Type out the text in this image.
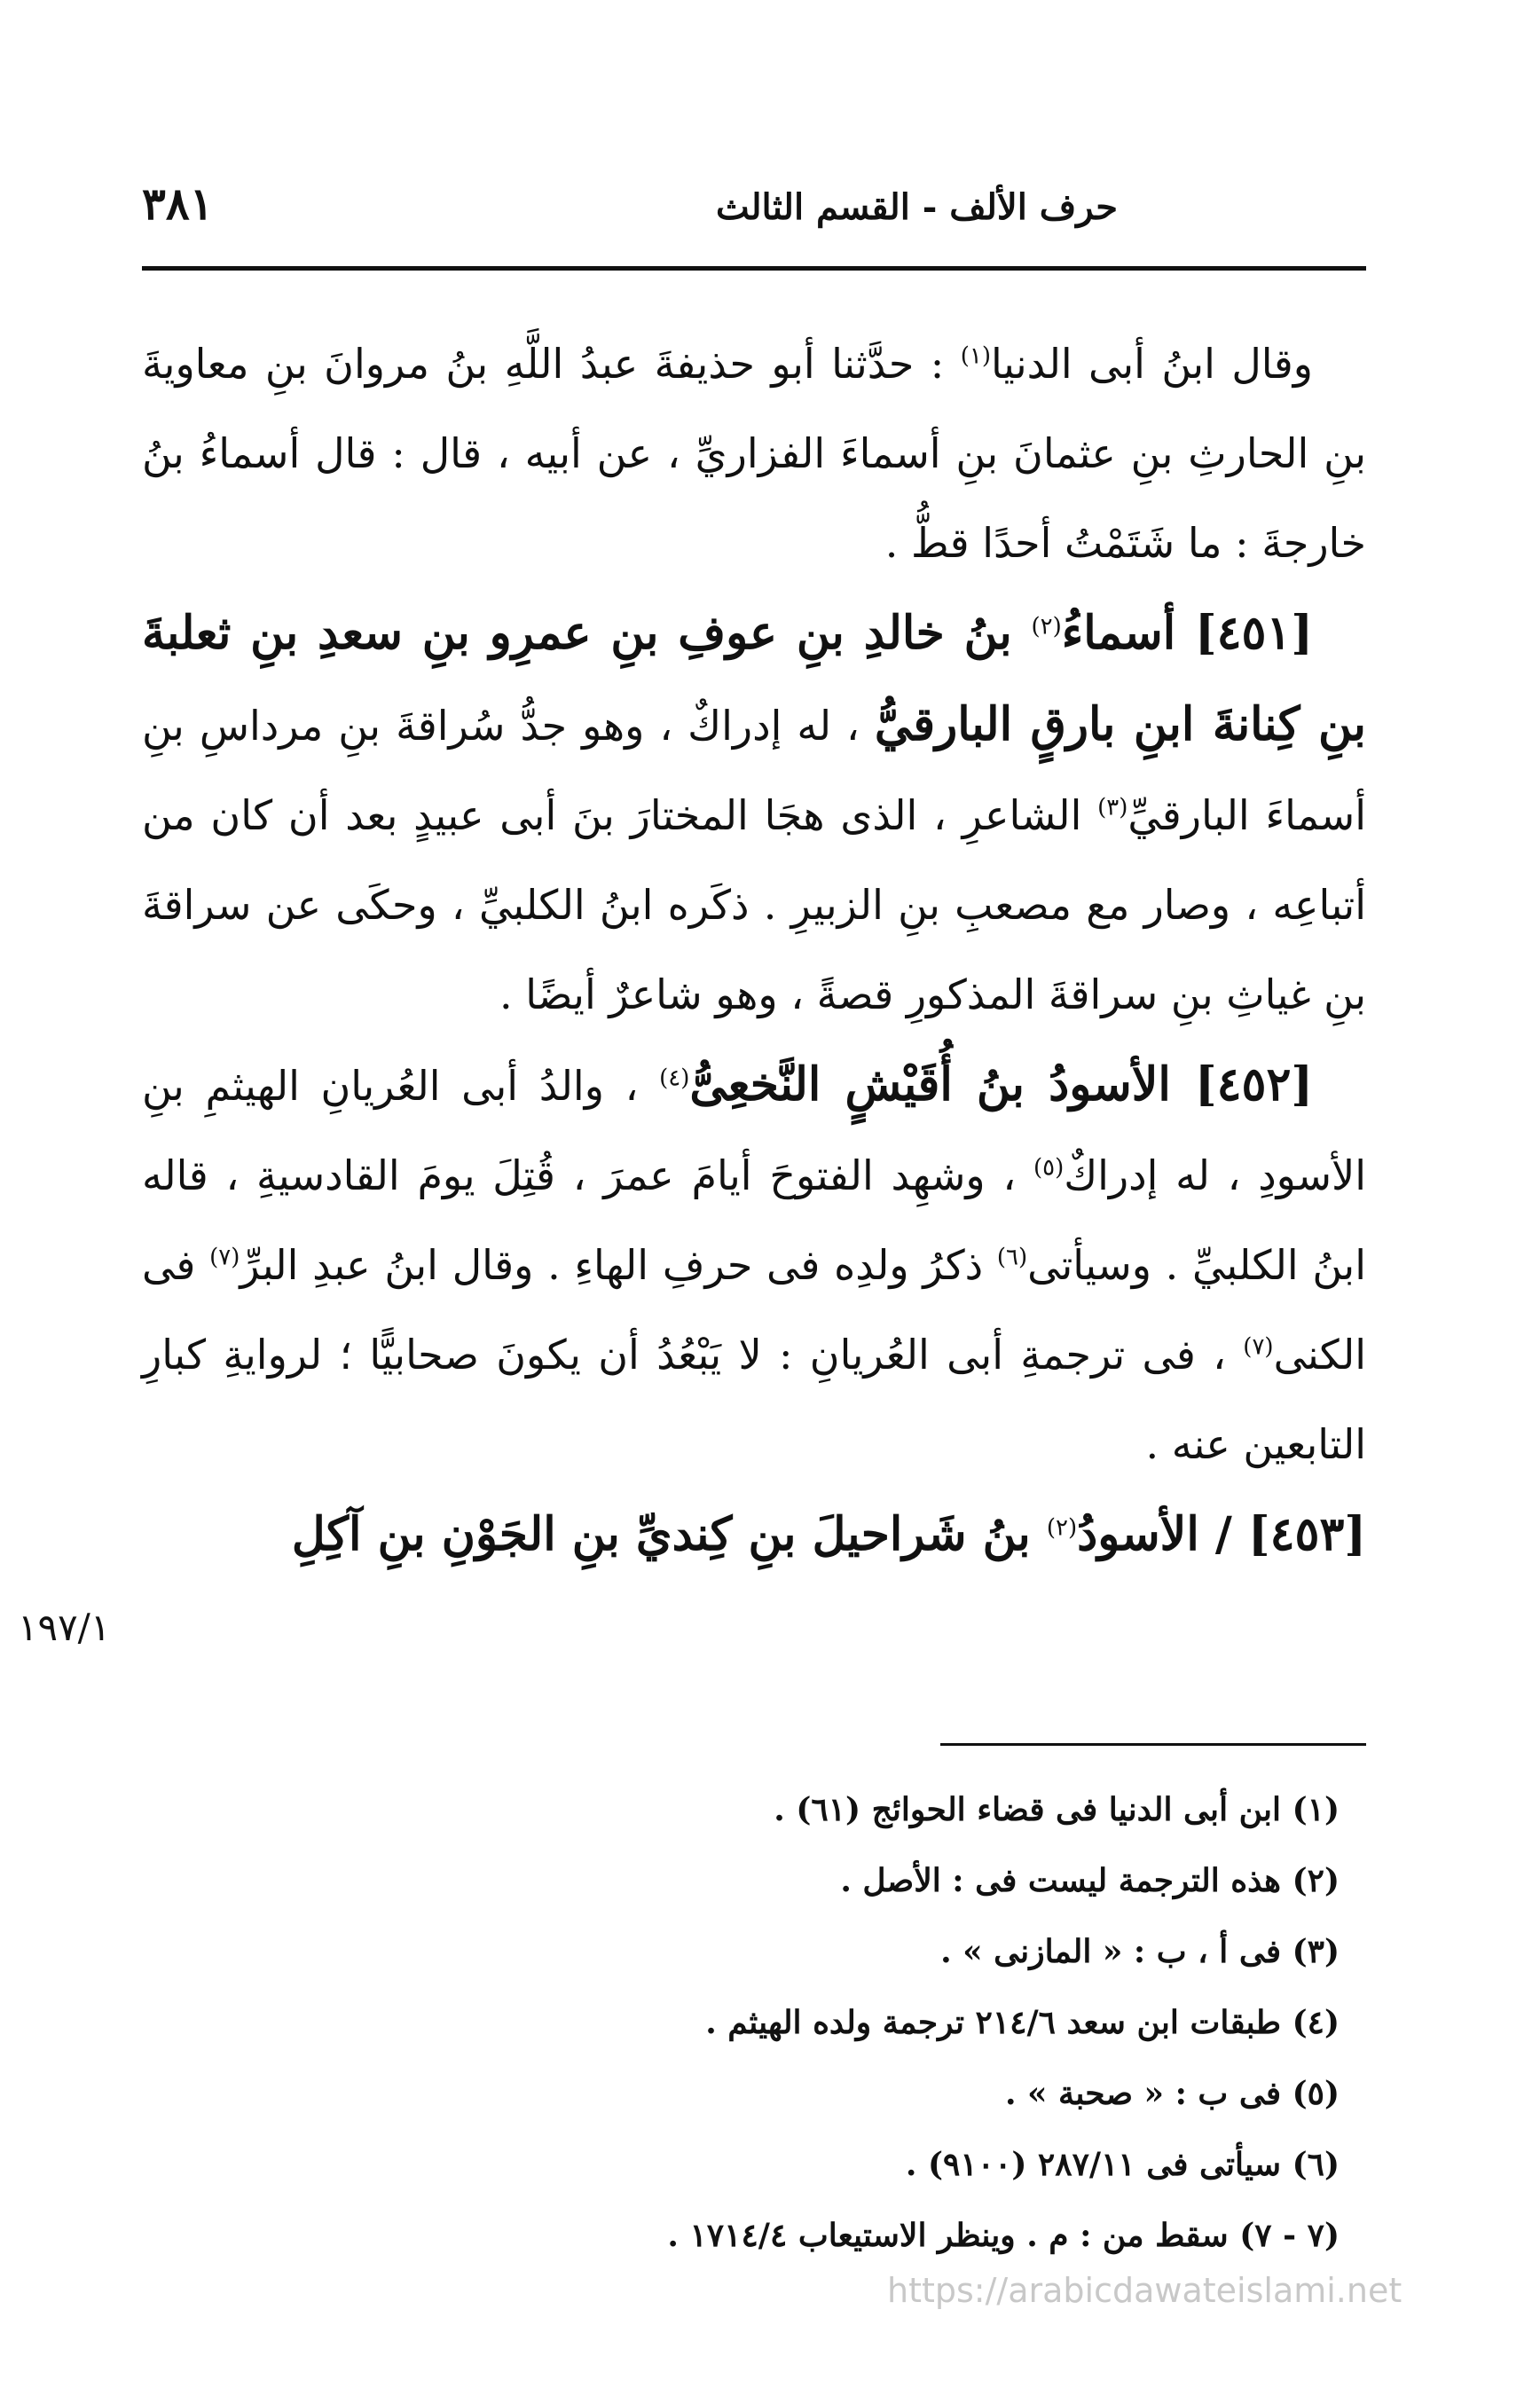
٣٨١	حرف الألف - القسم الثالث

وقال ابنُ أبى الدنيا$^{(١)}$ : حدَّثنا أبو حذيفةَ عبدُ اللَّهِ بنُ مروانَ بنِ معاويةَ بنِ الحارثِ بنِ عثمانَ بنِ أسماءَ الفزاريِّ ، عن أبيه ، قال : قال أسماءُ بنُ خارجةَ : ما شَتَمْتُ أحدًا قطُّ .

[٤٥١] أسماءُ$^{(٢)}$ بنُ خالدِ بنِ عوفِ بنِ عمرِو بنِ سعدِ بنِ ثعلبةَ بنِ كِنانةَ ابنِ بارقٍ البارقيُّ ، له إدراكٌ ، وهو جدُّ سُراقةَ بنِ مرداسِ بنِ أسماءَ البارقيِّ$^{(٣)}$ الشاعرِ ، الذى هجَا المختارَ بنَ أبى عبيدٍ بعد أن كان من أتباعِه ، وصار مع مصعبِ بنِ الزبيرِ . ذكَره ابنُ الكلبيِّ ، وحكَى عن سراقةَ بنِ غياثِ بنِ سراقةَ المذكورِ قصةً ، وهو شاعرٌ أيضًا .

[٤٥٢] الأسودُ بنُ أُقَيْشٍ النَّخعِىُّ$^{(٤)}$ ، والدُ أبى العُريانِ الهيثمِ بنِ الأسودِ ، له إدراكٌ$^{(٥)}$ ، وشهِد الفتوحَ أيامَ عمرَ ، قُتِلَ يومَ القادسيةِ ، قاله ابنُ الكلبيِّ . وسيأتى$^{(٦)}$ ذكرُ ولدِه فى حرفِ الهاءِ . وقال ابنُ عبدِ البرِّ$^{(٧)}$ فى الكنى$^{(٧)}$ ، فى ترجمةِ أبى العُريانِ : لا يَبْعُدُ أن يكونَ صحابيًّا ؛ لروايةِ كبارِ التابعين عنه .

[٤٥٣] / الأسودُ$^{(٢)}$ بنُ شَراحيلَ بنِ كِنديِّ بنِ الجَوْنِ بنِ آكِلِ

١٩٧/١
(١) ابن أبى الدنيا فى قضاء الحوائج (٦١) .
(٢) هذه الترجمة ليست فى : الأصل .
(٣) فى أ ، ب : « المازنى » .
(٤) طبقات ابن سعد ٢١٤/٦ ترجمة ولده الهيثم .
(٥) فى ب : « صحبة » .
(٦) سيأتى فى ٢٨٧/١١ (٩١٠٠) .
(٧ - ٧) سقط من : م . وينظر الاستيعاب ١٧١٤/٤ .
https://arabicdawateislami.net
